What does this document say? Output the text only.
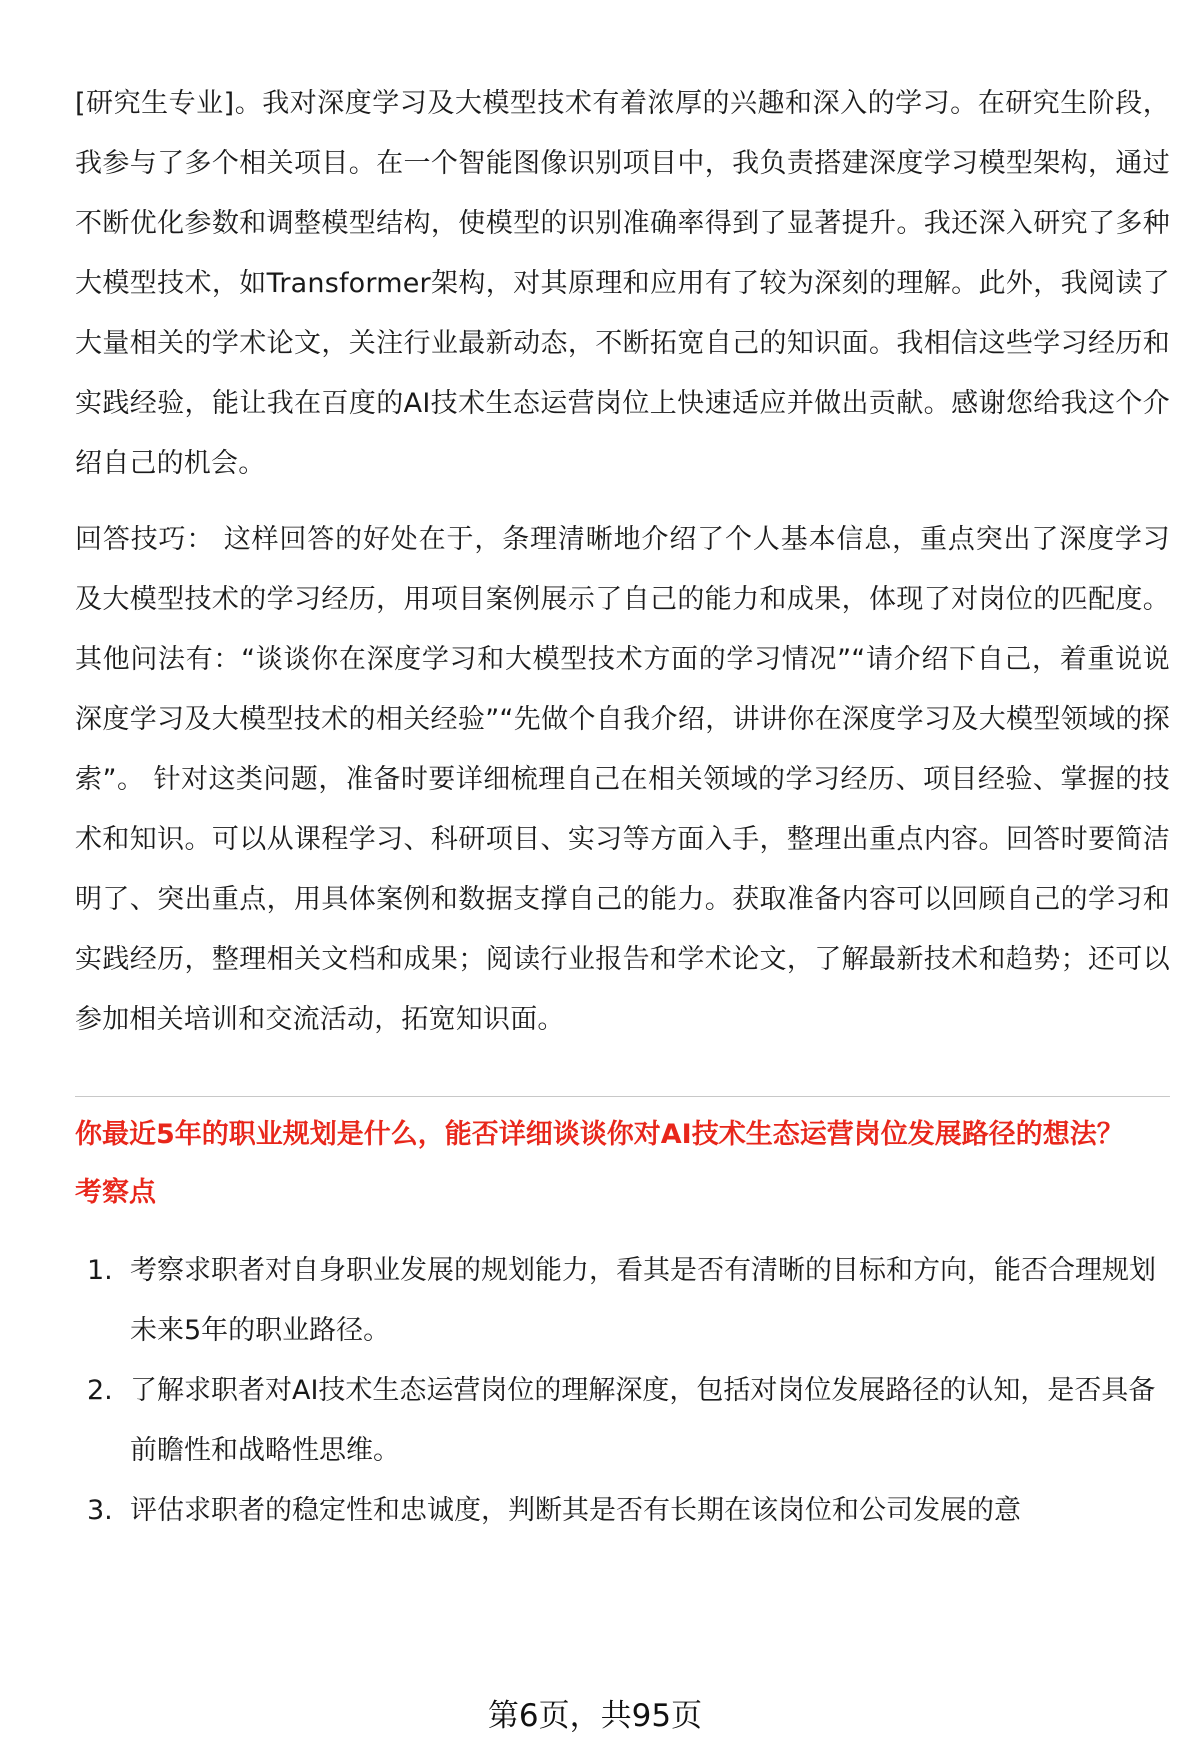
[研究生专业]。我对深度学习及大模型技术有着浓厚的兴趣和深入的学习。在研究生阶段，我参与了多个相关项目。在一个智能图像识别项目中，我负责搭建深度学习模型架构，通过不断优化参数和调整模型结构，使模型的识别准确率得到了显著提升。我还深入研究了多种大模型技术，如Transformer架构，对其原理和应用有了较为深刻的理解。此外，我阅读了大量相关的学术论文，关注行业最新动态，不断拓宽自己的知识面。我相信这些学习经历和实践经验，能让我在百度的AI技术生态运营岗位上快速适应并做出贡献。感谢您给我这个介绍自己的机会。

回答技巧： 这样回答的好处在于，条理清晰地介绍了个人基本信息，重点突出了深度学习及大模型技术的学习经历，用项目案例展示了自己的能力和成果，体现了对岗位的匹配度。其他问法有：“谈谈你在深度学习和大模型技术方面的学习情况”“请介绍下自己，着重说说深度学习及大模型技术的相关经验”“先做个自我介绍，讲讲你在深度学习及大模型领域的探索”。 针对这类问题，准备时要详细梳理自己在相关领域的学习经历、项目经验、掌握的技术和知识。可以从课程学习、科研项目、实习等方面入手，整理出重点内容。回答时要简洁明了、突出重点，用具体案例和数据支撑自己的能力。获取准备内容可以回顾自己的学习和实践经历，整理相关文档和成果；阅读行业报告和学术论文，了解最新技术和趋势；还可以参加相关培训和交流活动，拓宽知识面。

你最近5年的职业规划是什么，能否详细谈谈你对AI技术生态运营岗位发展路径的想法？
考察点
1. 考察求职者对自身职业发展的规划能力，看其是否有清晰的目标和方向，能否合理规划未来5年的职业路径。
2. 了解求职者对AI技术生态运营岗位的理解深度，包括对岗位发展路径的认知，是否具备前瞻性和战略性思维。
3. 评估求职者的稳定性和忠诚度，判断其是否有长期在该岗位和公司发展的意
第6页，共95页
